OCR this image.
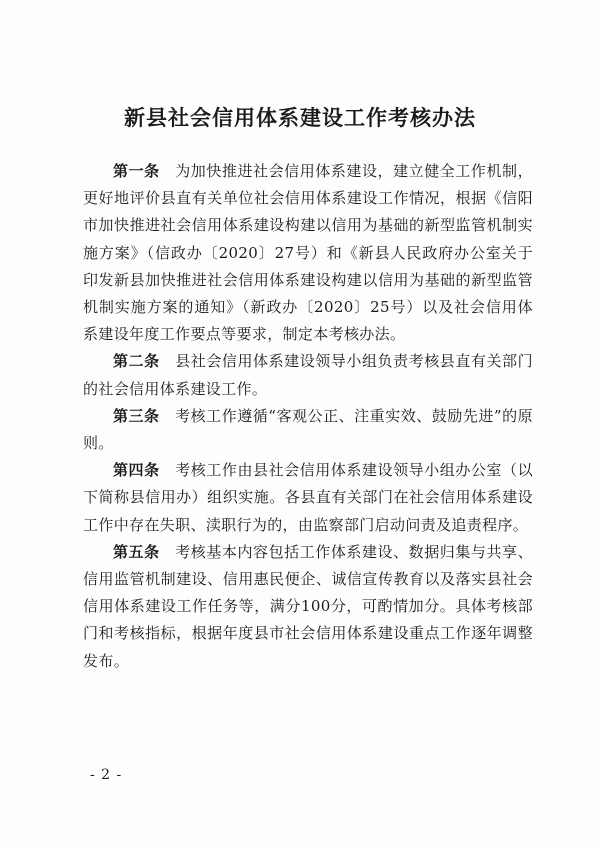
新县社会信用体系建设工作考核办法

第一条　 为加快推进社会信用体系建设，建立健全工作机制，更好地评价县直有关单位社会信用体系建设工作情况，根据《信阳市加快推进社会信用体系建设构建以信用为基础的新型监管机制实施方案》（信政办〔2020〕27号）和《新县人民政府办公室关于印发新县加快推进社会信用体系建设构建以信用为基础的新型监管机制实施方案的通知》（新政办〔2020〕25号）以及社会信用体系建设年度工作要点等要求，制定本考核办法。

第二条　 县社会信用体系建设领导小组负责考核县直有关部门的社会信用体系建设工作。

第三条　 考核工作遵循“客观公正、注重实效、鼓励先进”的原则。

第四条　 考核工作由县社会信用体系建设领导小组办公室（以下简称县信用办）组织实施。各县直有关部门在社会信用体系建设工作中存在失职、渎职行为的，由监察部门启动问责及追责程序。

第五条　 考核基本内容包括工作体系建设、数据归集与共享、信用监管机制建设、信用惠民便企、诚信宣传教育以及落实县社会信用体系建设工作任务等，满分100分，可酌情加分。具体考核部门和考核指标，根据年度县市社会信用体系建设重点工作逐年调整发布。

- 2 -
